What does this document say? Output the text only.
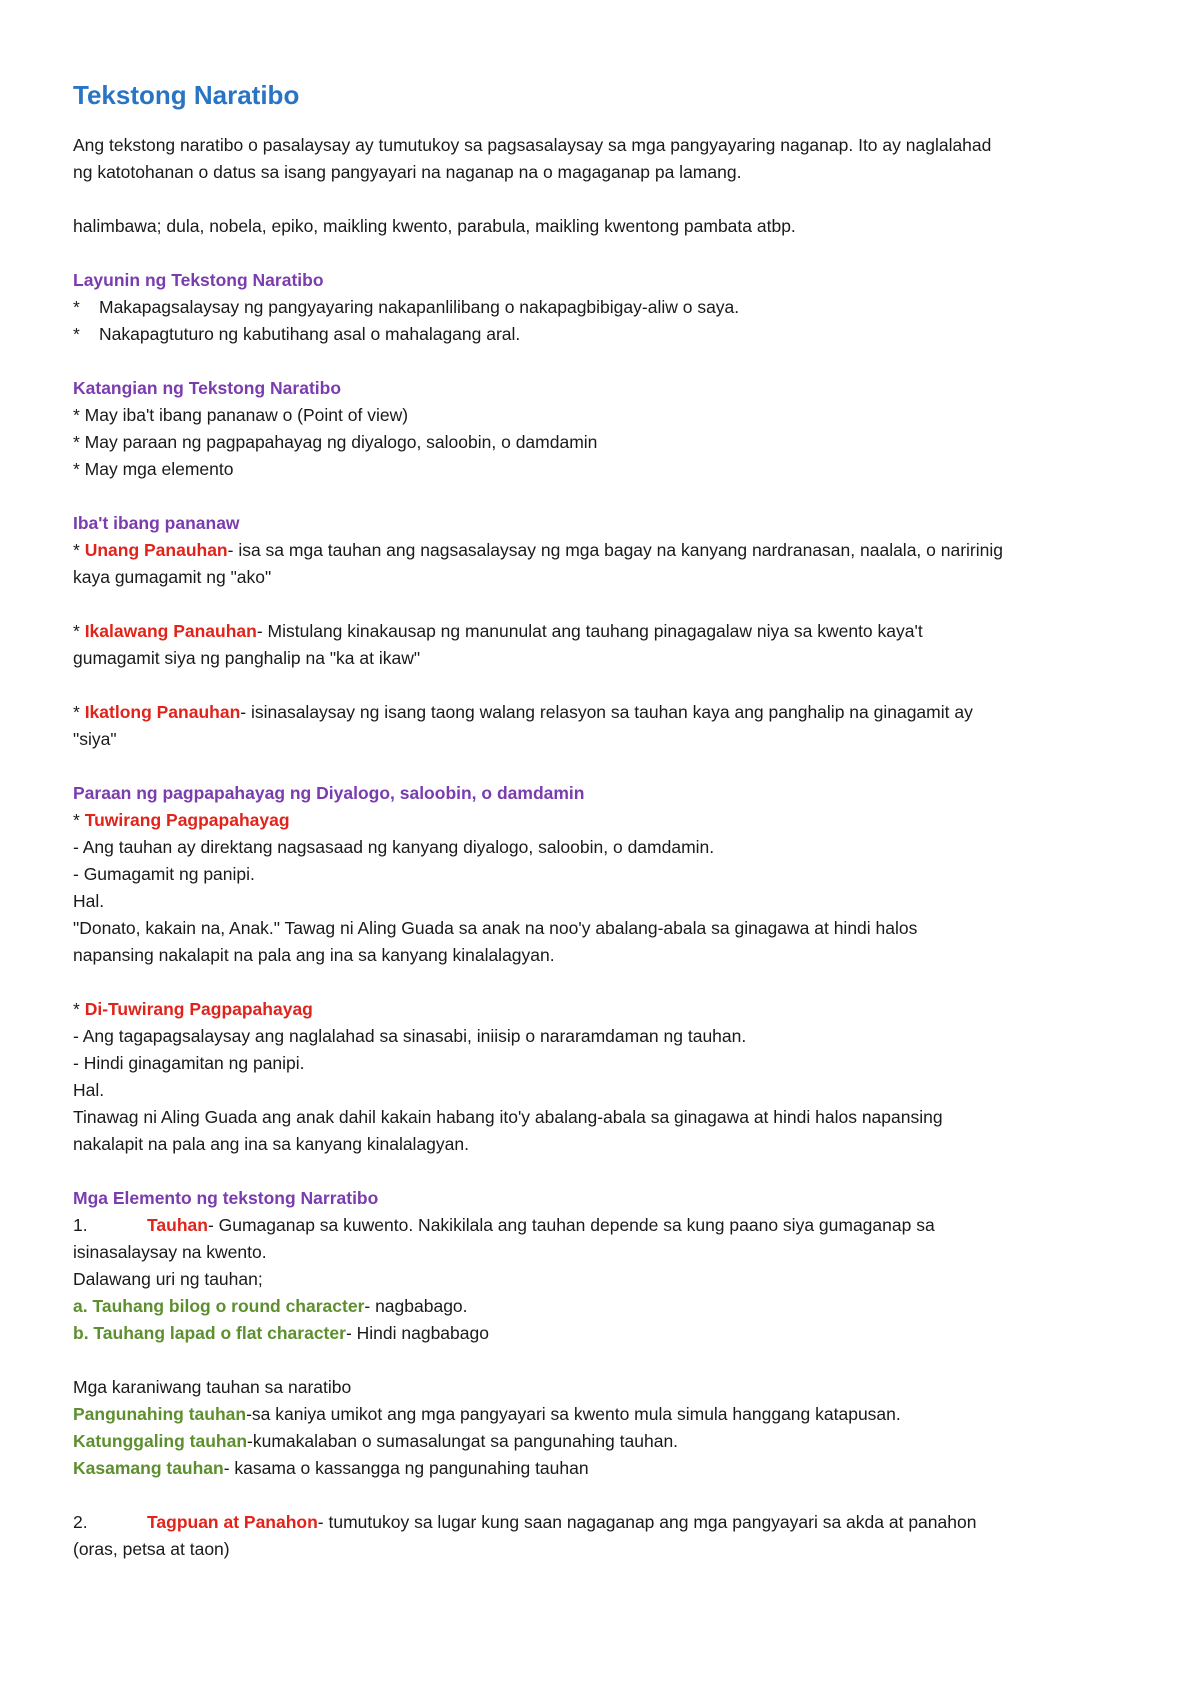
Tekstong Naratibo

Ang tekstong naratibo o pasalaysay ay tumutukoy sa pagsasalaysay sa mga pangyayaring naganap. Ito ay naglalahad

ng katotohanan o datus sa isang pangyayari na naganap na o magaganap pa lamang.

halimbawa; dula, nobela, epiko, maikling kwento, parabula, maikling kwentong pambata atbp.

Layunin ng Tekstong Naratibo

* Makapagsalaysay ng pangyayaring nakapanlilibang o nakapagbibigay-aliw o saya.

* Nakapagtuturo ng kabutihang asal o mahalagang aral.

Katangian ng Tekstong Naratibo

* May iba't ibang pananaw o (Point of view)

* May paraan ng pagpapahayag ng diyalogo, saloobin, o damdamin

* May mga elemento

Iba't ibang pananaw

* Unang Panauhan- isa sa mga tauhan ang nagsasalaysay ng mga bagay na kanyang nardranasan, naalala, o naririnig

kaya gumagamit ng "ako"

* Ikalawang Panauhan- Mistulang kinakausap ng manunulat ang tauhang pinagagalaw niya sa kwento kaya't

gumagamit siya ng panghalip na "ka at ikaw"

* Ikatlong Panauhan- isinasalaysay ng isang taong walang relasyon sa tauhan kaya ang panghalip na ginagamit ay

"siya"

Paraan ng pagpapahayag ng Diyalogo, saloobin, o damdamin

* Tuwirang Pagpapahayag

- Ang tauhan ay direktang nagsasaad ng kanyang diyalogo, saloobin, o damdamin.

- Gumagamit ng panipi.

Hal.

"Donato, kakain na, Anak." Tawag ni Aling Guada sa anak na noo'y abalang-abala sa ginagawa at hindi halos

napansing nakalapit na pala ang ina sa kanyang kinalalagyan.

* Di-Tuwirang Pagpapahayag

- Ang tagapagsalaysay ang naglalahad sa sinasabi, iniisip o nararamdaman ng tauhan.

- Hindi ginagamitan ng panipi.

Hal.

Tinawag ni Aling Guada ang anak dahil kakain habang ito'y abalang-abala sa ginagawa at hindi halos napansing

nakalapit na pala ang ina sa kanyang kinalalagyan.

Mga Elemento ng tekstong Narratibo

1.	Tauhan- Gumaganap sa kuwento. Nakikilala ang tauhan depende sa kung paano siya gumaganap sa

isinasalaysay na kwento.

Dalawang uri ng tauhan;

a. Tauhang bilog o round character- nagbabago.

b. Tauhang lapad o flat character- Hindi nagbabago

Mga karaniwang tauhan sa naratibo

Pangunahing tauhan-sa kaniya umikot ang mga pangyayari sa kwento mula simula hanggang katapusan.

Katunggaling tauhan-kumakalaban o sumasalungat sa pangunahing tauhan.

Kasamang tauhan- kasama o kassangga ng pangunahing tauhan

2.	Tagpuan at Panahon- tumutukoy sa lugar kung saan nagaganap ang mga pangyayari sa akda at panahon

(oras, petsa at taon)
